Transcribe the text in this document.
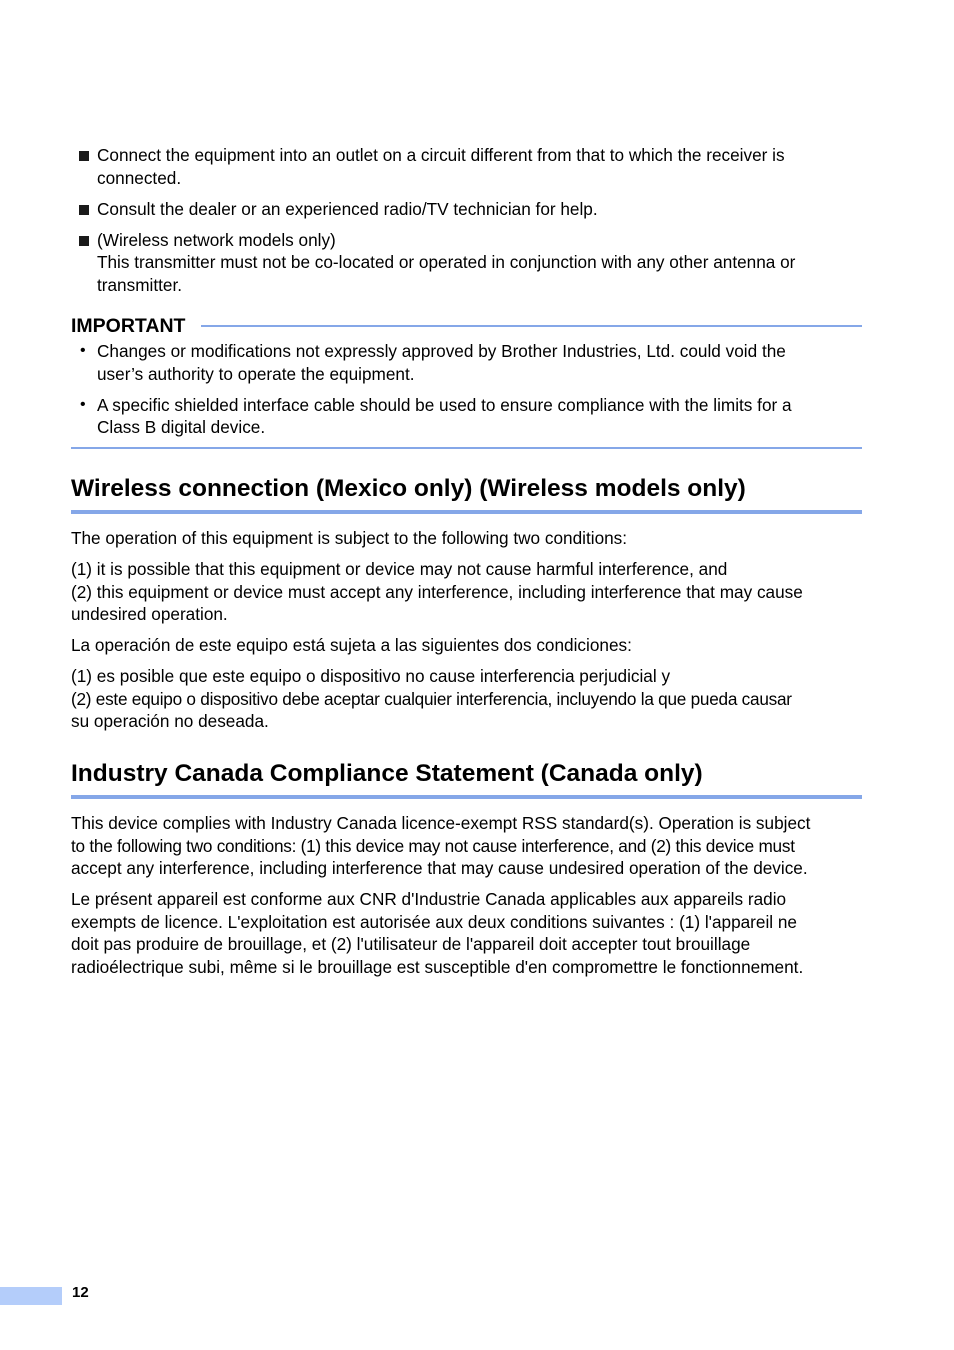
Connect the equipment into an outlet on a circuit different from that to which the receiver is
connected.
Consult the dealer or an experienced radio/TV technician for help.
(Wireless network models only)
This transmitter must not be co-located or operated in conjunction with any other antenna or
transmitter.
IMPORTANT
• Changes or modifications not expressly approved by Brother Industries, Ltd. could void the
user’s authority to operate the equipment.
• A specific shielded interface cable should be used to ensure compliance with the limits for a
Class B digital device.
Wireless connection (Mexico only) (Wireless models only)
The operation of this equipment is subject to the following two conditions:
(1) it is possible that this equipment or device may not cause harmful interference, and
(2) this equipment or device must accept any interference, including interference that may cause
undesired operation.
La operación de este equipo está sujeta a las siguientes dos condiciones:
(1) es posible que este equipo o dispositivo no cause interferencia perjudicial y
(2) este equipo o dispositivo debe aceptar cualquier interferencia, incluyendo la que pueda causar
su operación no deseada.
Industry Canada Compliance Statement (Canada only)
This device complies with Industry Canada licence-exempt RSS standard(s). Operation is subject
to the following two conditions: (1) this device may not cause interference, and (2) this device must
accept any interference, including interference that may cause undesired operation of the device.
Le présent appareil est conforme aux CNR d'Industrie Canada applicables aux appareils radio
exempts de licence. L'exploitation est autorisée aux deux conditions suivantes : (1) l'appareil ne
doit pas produire de brouillage, et (2) l'utilisateur de l'appareil doit accepter tout brouillage
radioélectrique subi, même si le brouillage est susceptible d'en compromettre le fonctionnement.
12
